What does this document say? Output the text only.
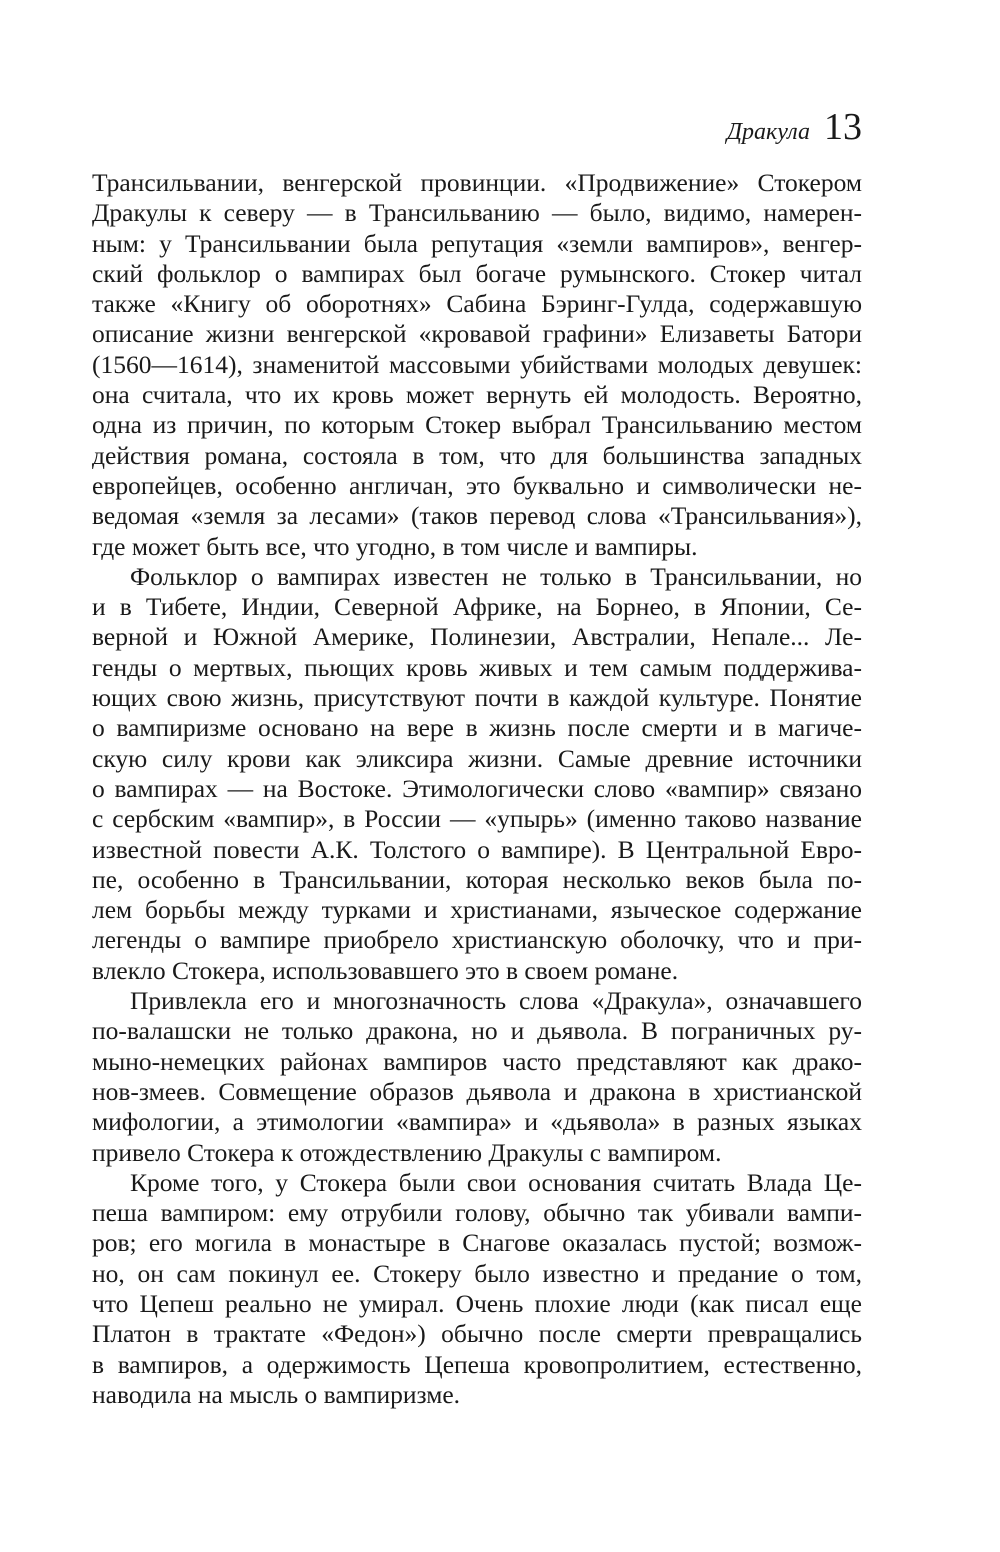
Дракула 13
Трансильвании, венгерской провинции. «Продвижение» Стокером
Дракулы к северу — в Трансильванию — было, видимо, намерен-
ным: у Трансильвании была репутация «земли вампиров», венгер-
ский фольклор о вампирах был богаче румынского. Стокер читал
также «Книгу об оборотнях» Сабина Бэринг-Гулда, содержавшую
описание жизни венгерской «кровавой графини» Елизаветы Батори
(1560—1614), знаменитой массовыми убийствами молодых девушек:
она считала, что их кровь может вернуть ей молодость. Вероятно,
одна из причин, по которым Стокер выбрал Трансильванию местом
действия романа, состояла в том, что для большинства западных
европейцев, особенно англичан, это буквально и символически не-
ведомая «земля за лесами» (таков перевод слова «Трансильвания»),
где может быть все, что угодно, в том числе и вампиры.
Фольклор о вампирах известен не только в Трансильвании, но
и в Тибете, Индии, Северной Африке, на Борнео, в Японии, Се-
верной и Южной Америке, Полинезии, Австралии, Непале... Ле-
генды о мертвых, пьющих кровь живых и тем самым поддержива-
ющих свою жизнь, присутствуют почти в каждой культуре. Понятие
о вампиризме основано на вере в жизнь после смерти и в магиче-
скую силу крови как эликсира жизни. Самые древние источники
о вампирах — на Востоке. Этимологически слово «вампир» связано
с сербским «вампир», в России — «упырь» (именно таково название
известной повести А.К. Толстого о вампире). В Центральной Евро-
пе, особенно в Трансильвании, которая несколько веков была по-
лем борьбы между турками и христианами, языческое содержание
легенды о вампире приобрело христианскую оболочку, что и при-
влекло Стокера, использовавшего это в своем романе.
Привлекла его и многозначность слова «Дракула», означавшего
по-валашски не только дракона, но и дьявола. В пограничных ру-
мыно-немецких районах вампиров часто представляют как драко-
нов-змеев. Совмещение образов дьявола и дракона в христианской
мифологии, а этимологии «вампира» и «дьявола» в разных языках
привело Стокера к отождествлению Дракулы с вампиром.
Кроме того, у Стокера были свои основания считать Влада Це-
пеша вампиром: ему отрубили голову, обычно так убивали вампи-
ров; его могила в монастыре в Снагове оказалась пустой; возмож-
но, он сам покинул ее. Стокеру было известно и предание о том,
что Цепеш реально не умирал. Очень плохие люди (как писал еще
Платон в трактате «Федон») обычно после смерти превращались
в вампиров, а одержимость Цепеша кровопролитием, естественно,
наводила на мысль о вампиризме.
